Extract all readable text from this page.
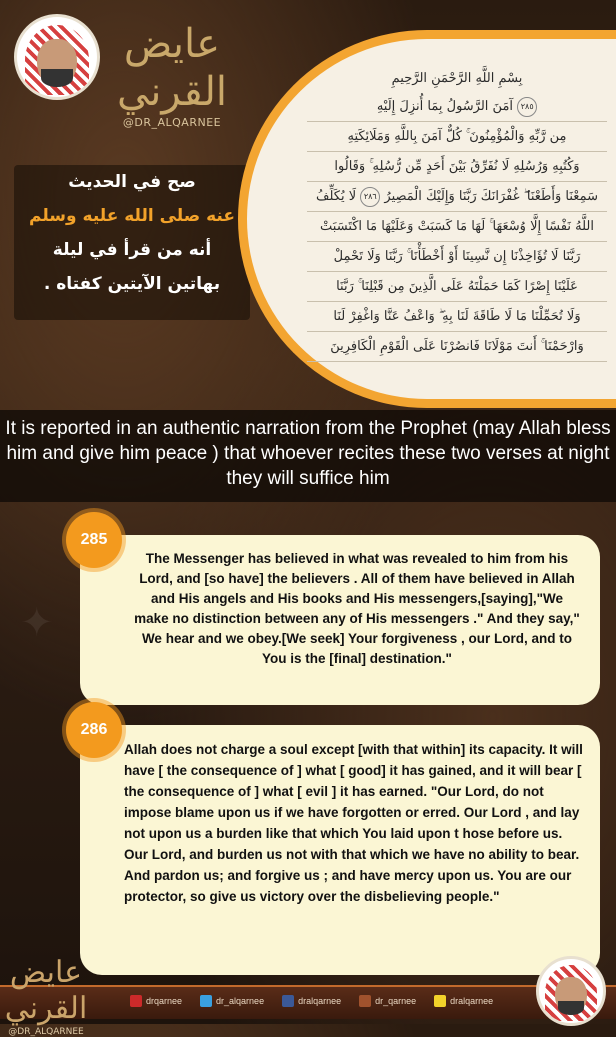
✦
عايض القرني
@DR_ALQARNEE
صح في الحديث
عنه صلى الله عليه وسلم
أنه من قرأ في ليلة
بهاتين الآيتين كفتاه .
بِسْمِ اللَّهِ الرَّحْمَنِ الرَّحِيمِ
٢٨٥ آمَنَ الرَّسُولُ بِمَا أُنزِلَ إِلَيْهِ
مِن رَّبِّهِ وَالْمُؤْمِنُونَ ۚ كُلٌّ آمَنَ بِاللَّهِ وَمَلَائِكَتِهِ
وَكُتُبِهِ وَرُسُلِهِ لَا نُفَرِّقُ بَيْنَ أَحَدٍ مِّن رُّسُلِهِ ۚ وَقَالُوا
سَمِعْنَا وَأَطَعْنَا ۖ غُفْرَانَكَ رَبَّنَا وَإِلَيْكَ الْمَصِيرُ ٢٨٦ لَا يُكَلِّفُ
اللَّهُ نَفْسًا إِلَّا وُسْعَهَا ۚ لَهَا مَا كَسَبَتْ وَعَلَيْهَا مَا اكْتَسَبَتْ
رَبَّنَا لَا تُؤَاخِذْنَا إِن نَّسِينَا أَوْ أَخْطَأْنَا ۚ رَبَّنَا وَلَا تَحْمِلْ
عَلَيْنَا إِصْرًا كَمَا حَمَلْتَهُ عَلَى الَّذِينَ مِن قَبْلِنَا ۚ رَبَّنَا
وَلَا تُحَمِّلْنَا مَا لَا طَاقَةَ لَنَا بِهِ ۖ وَاعْفُ عَنَّا وَاغْفِرْ لَنَا
وَارْحَمْنَا ۚ أَنتَ مَوْلَانَا فَانصُرْنَا عَلَى الْقَوْمِ الْكَافِرِينَ
It is reported in an authentic narration from the Prophet (may Allah bless him and give him peace ) that whoever recites these two verses at night they will suffice him
The Messenger has believed in what was revealed to him from his Lord, and [so have] the believers . All of them have believed in Allah and His angels and His books and His messengers,[saying],"We make no distinction between any of His messengers ." And they say," We hear and we obey.[We seek] Your forgiveness , our Lord, and to You is the [final] destination."
285
Allah does not charge a soul except [with that within] its capacity. It will have [ the consequence of ] what [ good] it has gained, and it will bear [ the consequence of ] what [ evil ] it has earned. "Our Lord, do not impose blame upon us if we have forgotten or erred. Our Lord , and lay not upon us a burden like that which You laid upon t hose before us. Our Lord, and burden us not with that which we have no ability to bear. And pardon us; and forgive us ; and have mercy upon us. You are our protector, so give us victory over the disbelieving people."
286
drqarnee	dr_alqarnee	dralqarnee	dr_qarnee	dralqarnee
عايض القرني
@DR_ALQARNEE
